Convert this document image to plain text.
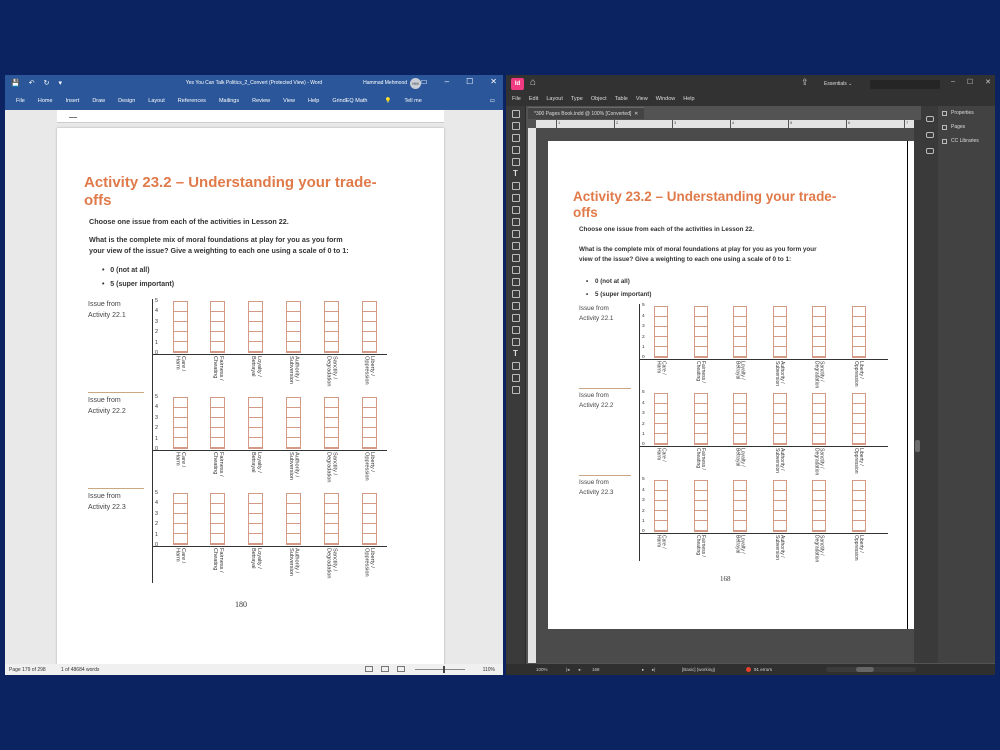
💾 ↶ ↻ ▾	Yes You Can Talk Politics_2_Convert (Protected View) - Word	Hammad Mehmood	HM ▭ – ☐ ✕
File Home Insert Draw Design Layout References Mailings Review View Help GrindEQ Math	💡 Tell me	▭
Activity 23.2 – Understanding your trade-
offs
Choose one issue from each of the activities in Lesson 22.
What is the complete mix of moral foundations at play for you as you form
your view of the issue? Give a weighting to each one using a scale of 0 to 1:
•   0 (not at all)
•   5 (super important)
Issue from
Activity 22.1
5
4
3
2
1
0
Care /
Harm	Fairness /
Cheating	Loyalty /
Betrayal	Authority /
Subversion	Sanctity /
Degradation	Liberty /
Oppression
Issue from
Activity 22.2
5
4
3
2
1
0
Care /
Harm	Fairness /
Cheating	Loyalty /
Betrayal	Authority /
Subversion	Sanctity /
Degradation	Liberty /
Oppression
Issue from
Activity 22.3
5
4
3
2
1
0
Care /
Harm	Fairness /
Cheating	Loyalty /
Betrayal	Authority /
Subversion	Sanctity /
Degradation	Liberty /
Oppression
180
Page 179 of 298	1 of 48684 words	110%
Id ⌂	⇪	Essentials ⌄	– ☐ ✕
File Edit Layout Type Object Table View Window Help
T
T
*300 Pages Book.indd @ 100% [Converted] ✕
1	2	3	4	5	6	7
Activity 23.2 – Understanding your trade-
offs
Choose one issue from each of the activities in Lesson 22.
What is the complete mix of moral foundations at play for you as you form your
view of the issue? Give a weighting to each one using a scale of 0 to 1:
•    0 (not at all)
•    5 (super important)
Issue from
Activity 22.1
5
4
3
2
1
0
Care /
Harm	Fairness /
Cheating	Loyalty /
Betrayal	Authority /
Subversion	Sanctity /
Degradation	Liberty /
Oppression
Issue from
Activity 22.2
5
4
3
2
1
0
Care /
Harm	Fairness /
Cheating	Loyalty /
Betrayal	Authority /
Subversion	Sanctity /
Degradation	Liberty /
Oppression
Issue from
Activity 22.3
5
4
3
2
1
0
Care /
Harm	Fairness /
Cheating	Loyalty /
Betrayal	Authority /
Subversion	Sanctity /
Degradation	Liberty /
Oppression
168
Properties
Pages
CC Libraries
100%	|◂ ◂	168	▸ ▸|	[Basic] (working)	91 errors
